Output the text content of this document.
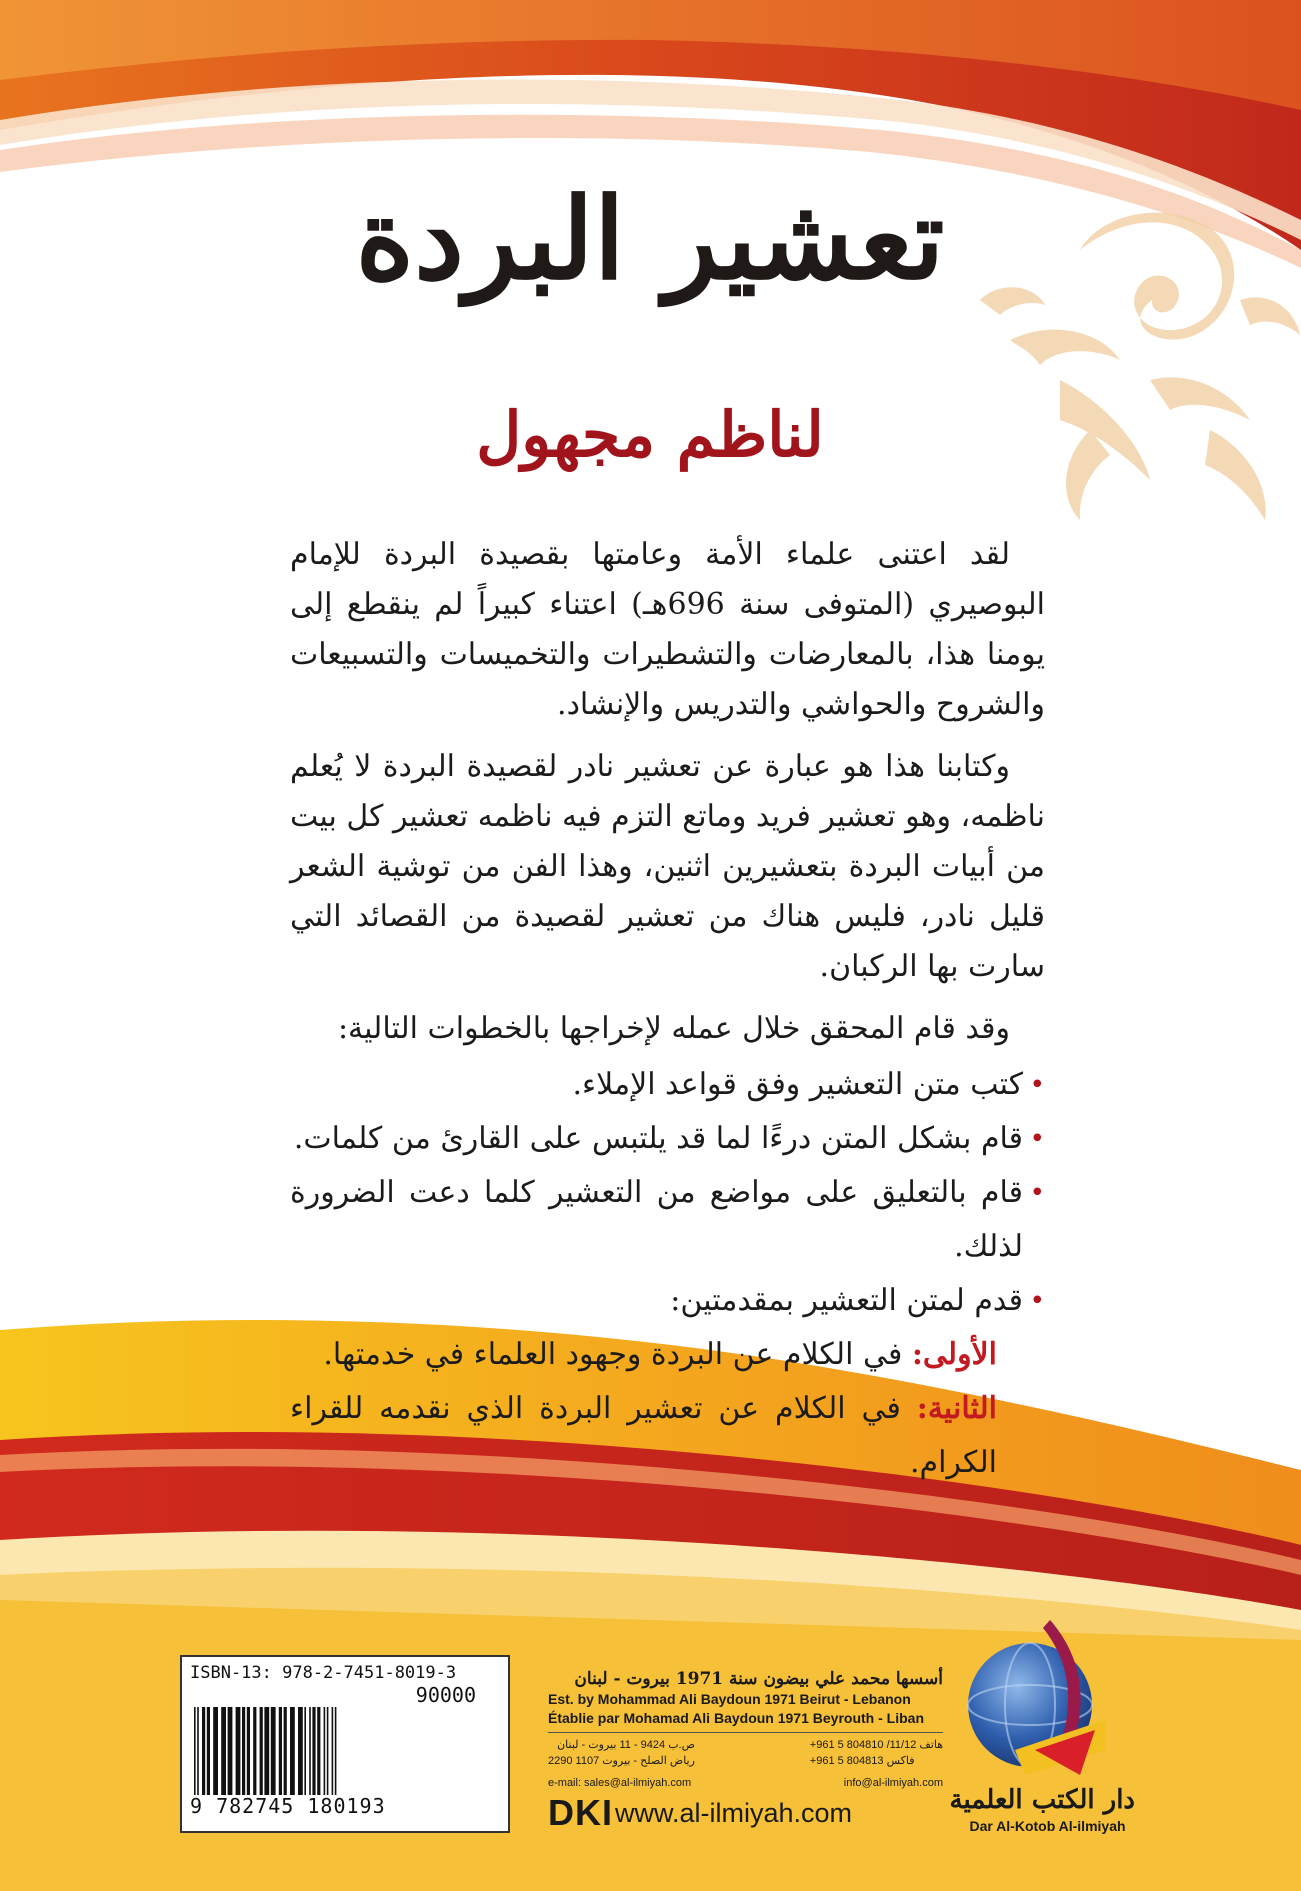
تعشير البردة
لناظم مجهول

لقد اعتنى علماء الأمة وعامتها بقصيدة البردة للإمام البوصيري (المتوفى سنة 696هـ) اعتناء كبيراً لم ينقطع إلى يومنا هذا، بالمعارضات والتشطيرات والتخميسات والتسبيعات والشروح والحواشي والتدريس والإنشاد.

وكتابنا هذا هو عبارة عن تعشير نادر لقصيدة البردة لا يُعلم ناظمه، وهو تعشير فريد وماتع التزم فيه ناظمه تعشير كل بيت من أبيات البردة بتعشيرين اثنين، وهذا الفن من توشية الشعر قليل نادر، فليس هناك من تعشير لقصيدة من القصائد التي سارت بها الركبان.

وقد قام المحقق خلال عمله لإخراجها بالخطوات التالية:
•
كتب متن التعشير وفق قواعد الإملاء.
•
قام بشكل المتن درءًا لما قد يلتبس على القارئ من كلمات.
•
قام بالتعليق على مواضع من التعشير كلما دعت الضرورة لذلك.
•
قدم لمتن التعشير بمقدمتين:
الأولى: في الكلام عن البردة وجهود العلماء في خدمتها.
الثانية: في الكلام عن تعشير البردة الذي نقدمه للقراء الكرام.
ISBN-13: 978-2-7451-8019-3
90000
9 782745 180193
أسسها محمد علي بيضون سنة 1971 بيروت - لبنان
Est. by Mohammad Ali Baydoun 1971 Beirut - Lebanon
Établie par Mohamad Ali Baydoun 1971 Beyrouth - Liban
ص.ب 9424 - 11 بيروت - لبنان
رياض الصلح - بيروت 1107 2290
+961 5 804810 /11/12 هاتف
+961 5 804813 فاكس
e-mail: sales@al-ilmiyah.com	info@al-ilmiyah.com
DKI www.al-ilmiyah.com	دار الكتب العلمية
Dar Al-Kotob Al-ilmiyah
